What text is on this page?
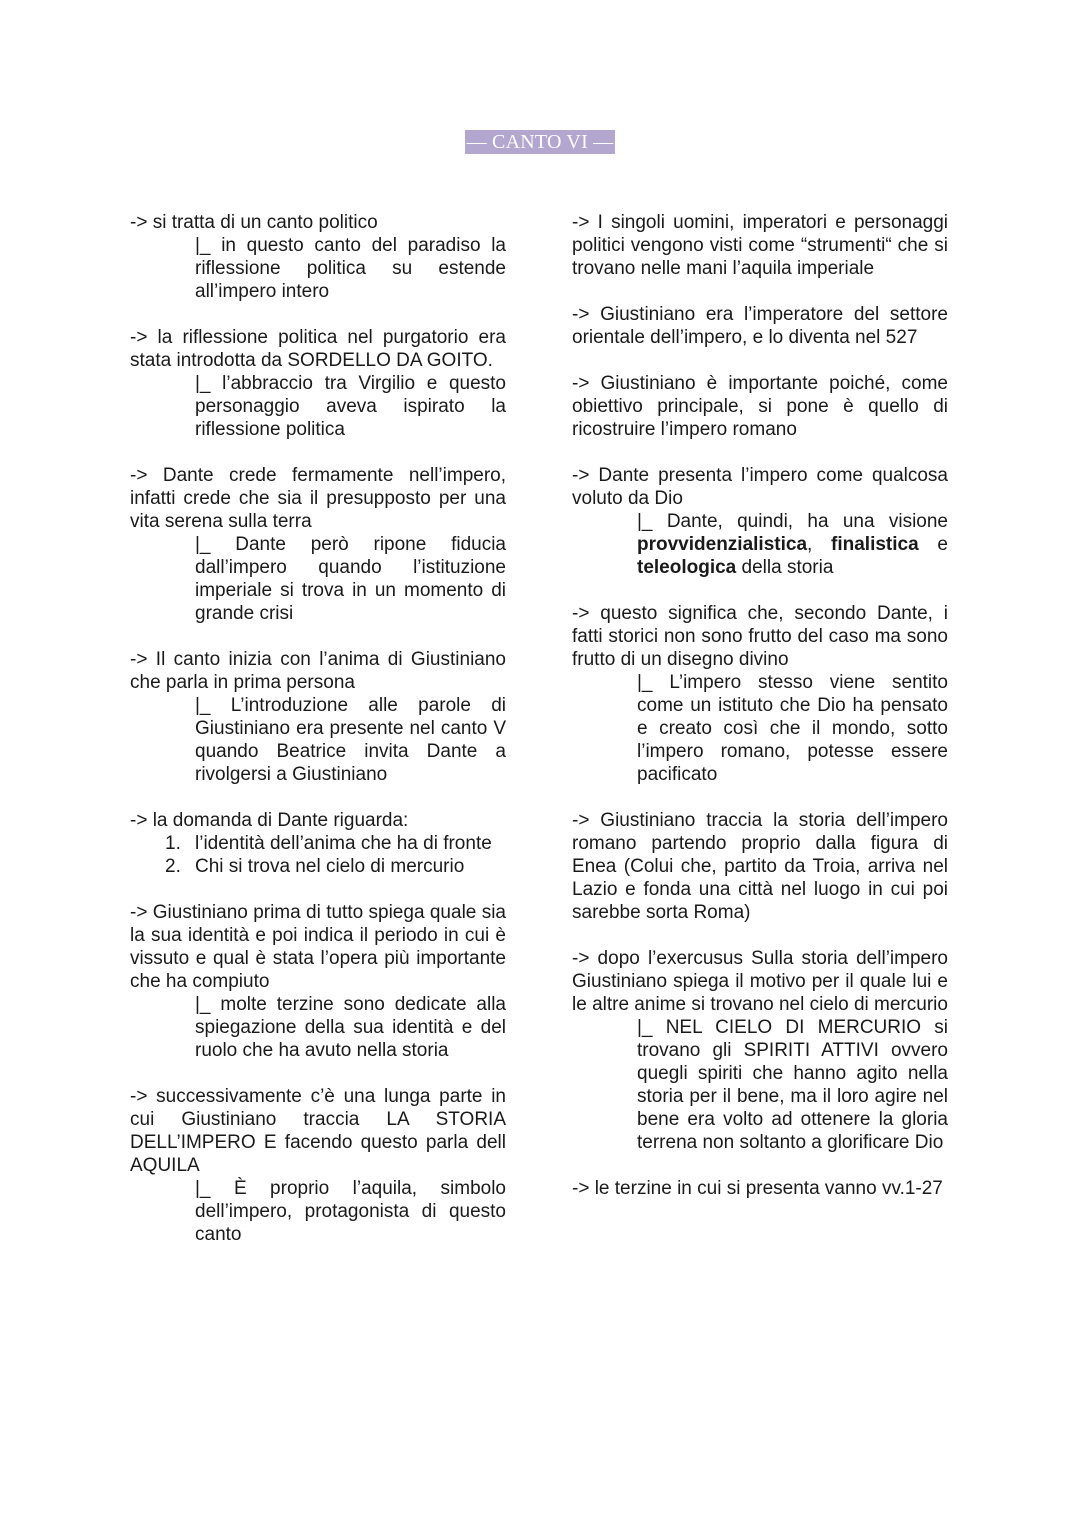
— CANTO VI —

-> si tratta di un canto politico

|_ in questo canto del paradiso la riflessione politica su estende all’impero intero

-> la riflessione politica nel purgatorio era stata introdotta da SORDELLO DA GOITO.

|_ l’abbraccio tra Virgilio e questo personaggio aveva ispirato la riflessione politica

-> Dante crede fermamente nell’impero, infatti crede che sia il presupposto per una vita serena sulla terra

|_ Dante però ripone fiducia dall’impero quando l’istituzione imperiale si trova in un momento di grande crisi

-> Il canto inizia con l’anima di Giustiniano che parla in prima persona

|_ L’introduzione alle parole di Giustiniano era presente nel canto V quando Beatrice invita Dante a rivolgersi a Giustiniano

-> la domanda di Dante riguarda:

1. l’identità dell’anima che ha di fronte
2. Chi si trova nel cielo di mercurio

-> Giustiniano prima di tutto spiega quale sia la sua identità e poi indica il periodo in cui è vissuto e qual è stata l’opera più importante che ha compiuto

|_ molte terzine sono dedicate alla spiegazione della sua identità e del ruolo che ha avuto nella storia

-> successivamente c’è una lunga parte in cui Giustiniano traccia LA STORIA DELL’IMPERO E facendo questo parla dell AQUILA

|_ È proprio l’aquila, simbolo dell’impero, protagonista di questo canto

-> I singoli uomini, imperatori e personaggi politici vengono visti come “strumenti“ che si trovano nelle mani l’aquila imperiale

-> Giustiniano era l’imperatore del settore orientale dell’impero, e lo diventa nel 527

-> Giustiniano è importante poiché, come obiettivo principale, si pone è quello di ricostruire l’impero romano

-> Dante presenta l’impero come qualcosa voluto da Dio

|_ Dante, quindi, ha una visione provvidenzialistica, finalistica e teleologica della storia

-> questo significa che, secondo Dante, i fatti storici non sono frutto del caso ma sono frutto di un disegno divino

|_ L’impero stesso viene sentito come un istituto che Dio ha pensato e creato così che il mondo, sotto l’impero romano, potesse essere pacificato

-> Giustiniano traccia la storia dell’impero romano partendo proprio dalla figura di Enea (Colui che, partito da Troia, arriva nel Lazio e fonda una città nel luogo in cui poi sarebbe sorta Roma)

-> dopo l’exercusus Sulla storia dell’impero Giustiniano spiega il motivo per il quale lui e le altre anime si trovano nel cielo di mercurio

|_ NEL CIELO DI MERCURIO si trovano gli SPIRITI ATTIVI ovvero quegli spiriti che hanno agito nella storia per il bene, ma il loro agire nel bene era volto ad ottenere la gloria terrena non soltanto a glorificare Dio

-> le terzine in cui si presenta vanno vv.1-27
